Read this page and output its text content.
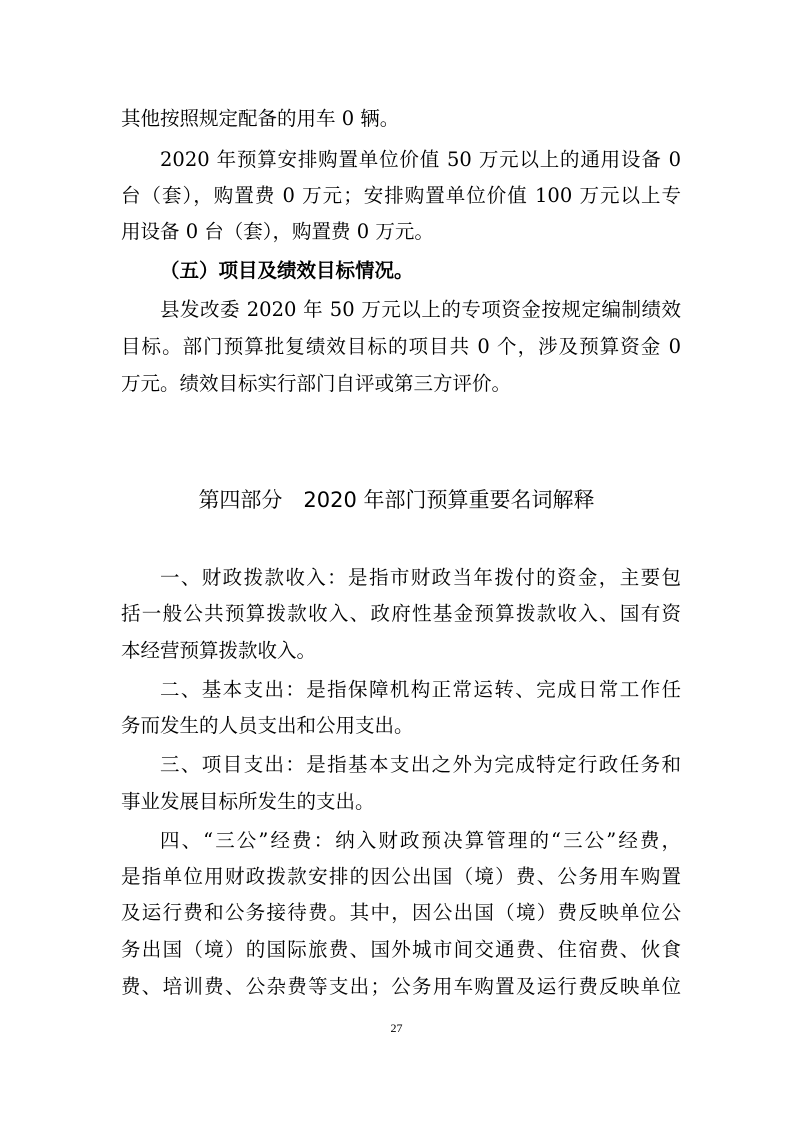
其他按照规定配备的用车 0 辆。
2020 年预算安排购置单位价值 50 万元以上的通用设备 0
台（套），购置费 0 万元；安排购置单位价值 100 万元以上专
用设备 0 台（套），购置费 0 万元。
（五）项目及绩效目标情况。
县发改委 2020 年 50 万元以上的专项资金按规定编制绩效
目标。部门预算批复绩效目标的项目共 0 个，涉及预算资金 0
万元。绩效目标实行部门自评或第三方评价。
第四部分　2020 年部门预算重要名词解释
一、财政拨款收入：是指市财政当年拨付的资金，主要包
括一般公共预算拨款收入、政府性基金预算拨款收入、国有资
本经营预算拨款收入。
二、基本支出：是指保障机构正常运转、完成日常工作任
务而发生的人员支出和公用支出。
三、项目支出：是指基本支出之外为完成特定行政任务和
事业发展目标所发生的支出。
四、“三公”经费：纳入财政预决算管理的“三公”经费，
是指单位用财政拨款安排的因公出国（境）费、公务用车购置
及运行费和公务接待费。其中，因公出国（境）费反映单位公
务出国（境）的国际旅费、国外城市间交通费、住宿费、伙食
费、培训费、公杂费等支出；公务用车购置及运行费反映单位
27
